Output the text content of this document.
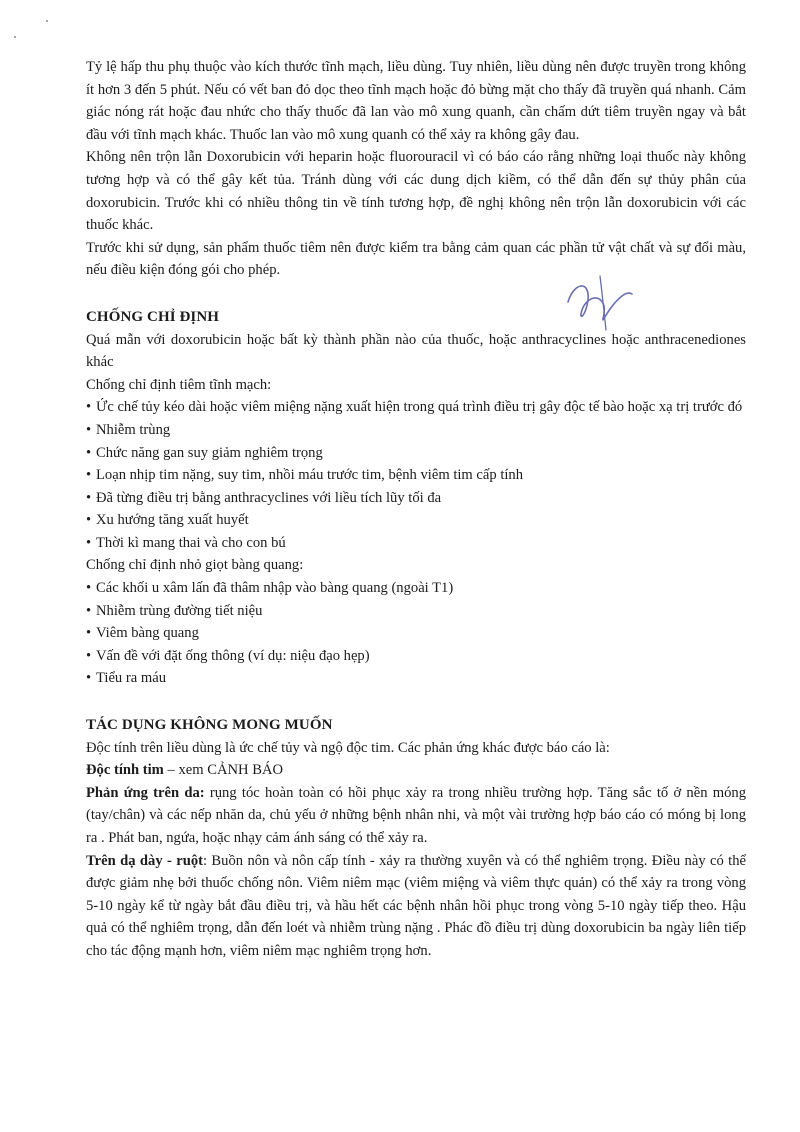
Tỷ lệ hấp thu phụ thuộc vào kích thước tĩnh mạch, liều dùng. Tuy nhiên, liều dùng nên được truyền trong không ít hơn 3 đến 5 phút. Nếu có vết ban đỏ dọc theo tĩnh mạch hoặc đỏ bừng mặt cho thấy đã truyền quá nhanh. Cảm giác nóng rát hoặc đau nhức cho thấy thuốc đã lan vào mô xung quanh, cần chấm dứt tiêm truyền ngay và bắt đầu với tĩnh mạch khác. Thuốc lan vào mô xung quanh có thể xảy ra không gây đau.

Không nên trộn lẫn Doxorubicin với heparin hoặc fluorouracil vì có báo cáo rằng những loại thuốc này không tương hợp và có thể gây kết tủa. Tránh dùng với các dung dịch kiềm, có thể dẫn đến sự thủy phân của doxorubicin. Trước khi có nhiều thông tin về tính tương hợp, đề nghị không nên trộn lẫn doxorubicin với các thuốc khác.

Trước khi sử dụng, sản phẩm thuốc tiêm nên được kiểm tra bằng cảm quan các phần tử vật chất và sự đổi màu, nếu điều kiện đóng gói cho phép.

CHỐNG CHỈ ĐỊNH

Quá mẫn với doxorubicin hoặc bất kỳ thành phần nào của thuốc, hoặc anthracyclines hoặc anthracenediones khác

Chống chỉ định tiêm tĩnh mạch:

• Ức chế tủy kéo dài hoặc viêm miệng nặng xuất hiện trong quá trình điều trị gây độc tế bào hoặc xạ trị trước đó

• Nhiễm trùng

• Chức năng gan suy giảm nghiêm trọng

• Loạn nhịp tim nặng, suy tim, nhồi máu trước tim, bệnh viêm tim cấp tính

• Đã từng điều trị bằng anthracyclines với liều tích lũy tối đa

• Xu hướng tăng xuất huyết

• Thời kì mang thai và cho con bú

Chống chỉ định nhỏ giọt bàng quang:

• Các khối u xâm lấn đã thâm nhập vào bàng quang (ngoài T1)

• Nhiễm trùng đường tiết niệu

• Viêm bàng quang

• Vấn đề với đặt ống thông (ví dụ: niệu đạo hẹp)

• Tiểu ra máu

TÁC DỤNG KHÔNG MONG MUỐN

Độc tính trên liều dùng là ức chế tủy và ngộ độc tim. Các phản ứng khác được báo cáo là:

Độc tính tim – xem CẢNH BÁO

Phản ứng trên da: rụng tóc hoàn toàn có hồi phục xảy ra trong nhiều trường hợp. Tăng sắc tố ở nền móng (tay/chân) và các nếp nhăn da, chủ yếu ở những bệnh nhân nhi, và một vài trường hợp báo cáo có móng bị long ra . Phát ban, ngứa, hoặc nhạy cảm ánh sáng có thể xảy ra.

Trên dạ dày - ruột: Buồn nôn và nôn cấp tính - xảy ra thường xuyên và có thể nghiêm trọng. Điều này có thể được giảm nhẹ bởi thuốc chống nôn. Viêm niêm mạc (viêm miệng và viêm thực quản) có thể xảy ra trong vòng 5-10 ngày kể từ ngày bắt đầu điều trị, và hầu hết các bệnh nhân hồi phục trong vòng 5-10 ngày tiếp theo. Hậu quả có thể nghiêm trọng, dẫn đến loét và nhiễm trùng nặng . Phác đồ điều trị dùng doxorubicin ba ngày liên tiếp cho tác động mạnh hơn, viêm niêm mạc nghiêm trọng hơn.
